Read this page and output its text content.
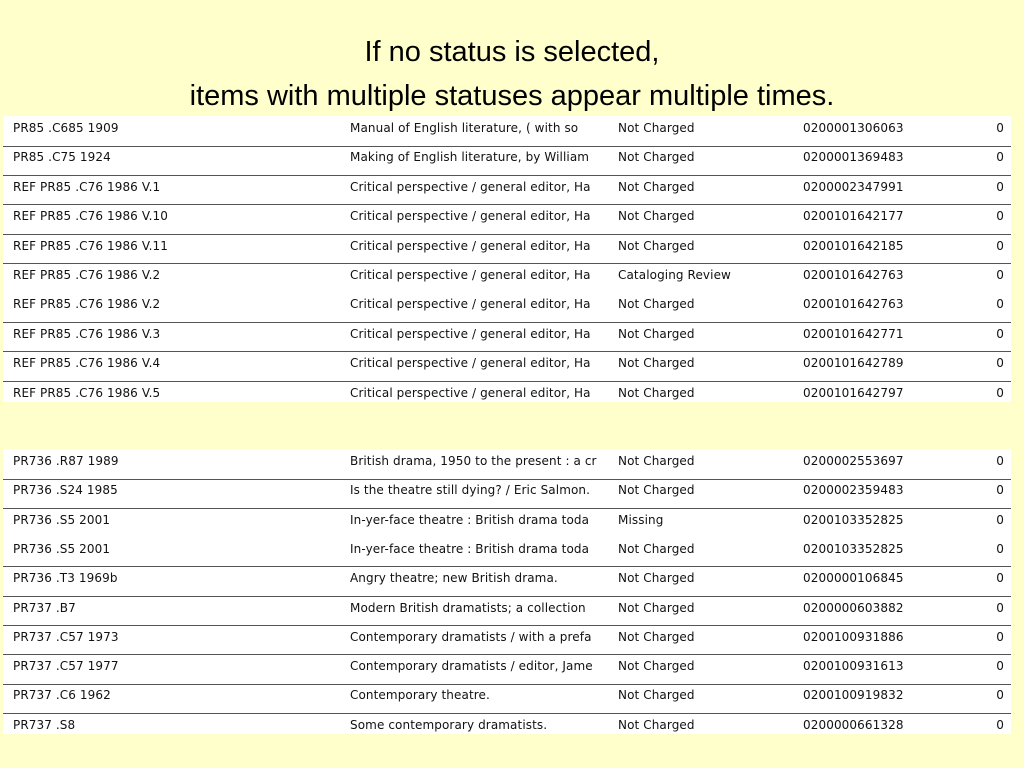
If no status is selected,
items with multiple statuses appear multiple times.
PR85 .C685 1909	Manual of English literature, ( with so	Not Charged	0200001306063	0
PR85 .C75 1924	Making of English literature, by William	Not Charged	0200001369483	0
REF PR85 .C76 1986 V.1	Critical perspective / general editor, Ha	Not Charged	0200002347991	0
REF PR85 .C76 1986 V.10	Critical perspective / general editor, Ha	Not Charged	0200101642177	0
REF PR85 .C76 1986 V.11	Critical perspective / general editor, Ha	Not Charged	0200101642185	0
REF PR85 .C76 1986 V.2	Critical perspective / general editor, Ha	Cataloging Review	0200101642763	0
REF PR85 .C76 1986 V.2	Critical perspective / general editor, Ha	Not Charged	0200101642763	0
REF PR85 .C76 1986 V.3	Critical perspective / general editor, Ha	Not Charged	0200101642771	0
REF PR85 .C76 1986 V.4	Critical perspective / general editor, Ha	Not Charged	0200101642789	0
REF PR85 .C76 1986 V.5	Critical perspective / general editor, Ha	Not Charged	0200101642797	0
PR736 .R87 1989	British drama, 1950 to the present : a cr	Not Charged	0200002553697	0
PR736 .S24 1985	Is the theatre still dying? / Eric Salmon.	Not Charged	0200002359483	0
PR736 .S5 2001	In-yer-face theatre : British drama toda	Missing	0200103352825	0
PR736 .S5 2001	In-yer-face theatre : British drama toda	Not Charged	0200103352825	0
PR736 .T3 1969b	Angry theatre; new British drama.	Not Charged	0200000106845	0
PR737 .B7	Modern British dramatists; a collection	Not Charged	0200000603882	0
PR737 .C57 1973	Contemporary dramatists / with a prefa	Not Charged	0200100931886	0
PR737 .C57 1977	Contemporary dramatists / editor, Jame	Not Charged	0200100931613	0
PR737 .C6 1962	Contemporary theatre.	Not Charged	0200100919832	0
PR737 .S8	Some contemporary dramatists.	Not Charged	0200000661328	0
